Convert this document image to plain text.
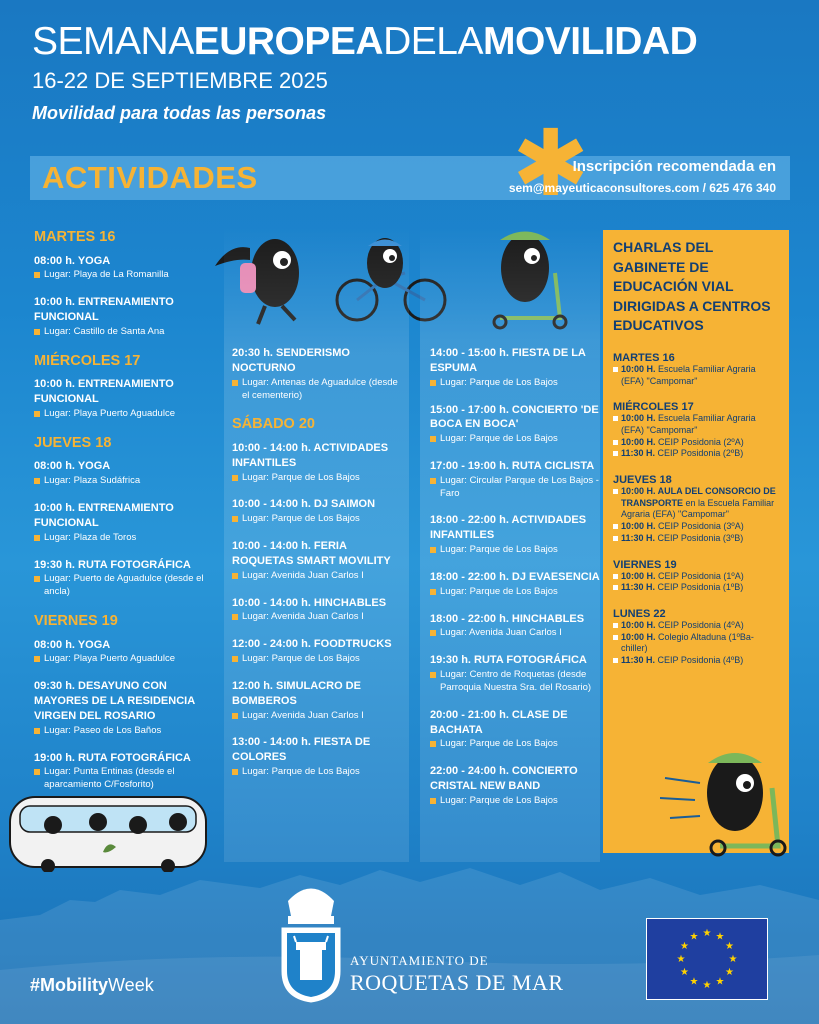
SEMANAEUROPEADELAMOVILIDAD
16-22 DE SEPTIEMBRE 2025
Movilidad para todas las personas
ACTIVIDADES	✱
Inscripción recomendada en
sem@mayeuticaconsultores.com / 625 476 340
MARTES 16
08:00 h. YOGA
Lugar: Playa de La Romanilla
10:00 h. ENTRENAMIENTO FUNCIONAL
Lugar: Castillo de Santa Ana
MIÉRCOLES 17
10:00 h. ENTRENAMIENTO FUNCIONAL
Lugar: Playa Puerto Aguadulce
JUEVES 18
08:00 h. YOGA
Lugar: Plaza Sudáfrica
10:00 h. ENTRENAMIENTO FUNCIONAL
Lugar: Plaza de Toros
19:30 h. RUTA FOTOGRÁFICA
Lugar: Puerto de Aguadulce (desde el ancla)
VIERNES 19
08:00 h. YOGA
Lugar: Playa Puerto Aguadulce
09:30 h. DESAYUNO CON MAYORES DE LA RESIDENCIA VIRGEN DEL ROSARIO
Lugar: Paseo de Los Baños
19:00 h. RUTA FOTOGRÁFICA
Lugar: Punta Entinas (desde el aparcamiento C/Fosforito)
20:30 h. SENDERISMO NOCTURNO
Lugar: Antenas de Aguadulce (desde el cementerio)
SÁBADO 20
10:00 - 14:00 h. ACTIVIDADES INFANTILES
Lugar: Parque de Los Bajos
10:00 - 14:00 h. DJ SAIMON
Lugar: Parque de Los Bajos
10:00 - 14:00 h. FERIA ROQUETAS SMART MOVILITY
Lugar: Avenida Juan Carlos I
10:00 - 14:00 h. HINCHABLES
Lugar: Avenida Juan Carlos I
12:00 - 24:00 h. FOODTRUCKS
Lugar: Parque de Los Bajos
12:00 h. SIMULACRO DE BOMBEROS
Lugar: Avenida Juan Carlos I
13:00 - 14:00 h. FIESTA DE COLORES
Lugar: Parque de Los Bajos
14:00 - 15:00 h. FIESTA DE LA ESPUMA
Lugar: Parque de Los Bajos
15:00 - 17:00 h. CONCIERTO 'DE BOCA EN BOCA'
Lugar: Parque de Los Bajos
17:00 - 19:00 h. RUTA CICLISTA
Lugar: Circular Parque de Los Bajos - Faro
18:00 - 22:00 h. ACTIVIDADES INFANTILES
Lugar: Parque de Los Bajos
18:00 - 22:00 h. DJ EVAESENCIA
Lugar: Parque de Los Bajos
18:00 - 22:00 h. HINCHABLES
Lugar: Avenida Juan Carlos I
19:30 h. RUTA FOTOGRÁFICA
Lugar: Centro de Roquetas (desde Parroquia Nuestra Sra. del Rosario)
20:00 - 21:00 h. CLASE DE BACHATA
Lugar: Parque de Los Bajos
22:00 - 24:00 h. CONCIERTO CRISTAL NEW BAND
Lugar: Parque de Los Bajos
CHARLAS DEL GABINETE DE EDUCACIÓN VIAL DIRIGIDAS A CENTROS EDUCATIVOS
MARTES 16
10:00 H. Escuela Familiar Agraria (EFA) "Campomar"
MIÉRCOLES 17
10:00 H. Escuela Familiar Agraria (EFA) "Campomar"
10:00 H. CEIP Posidonia (2ºA)
11:30 H. CEIP Posidonia (2ºB)
JUEVES 18
10:00 H. AULA DEL CONSORCIO DE TRANSPORTE en la Escuela Familiar Agraria (EFA) "Campomar"
10:00 H. CEIP Posidonia (3ºA)
11:30 H. CEIP Posidonia (3ºB)
VIERNES 19
10:00 H. CEIP Posidonia (1ºA)
11:30 H. CEIP Posidonia (1ºB)
LUNES 22
10:00 H. CEIP Posidonia (4ºA)
10:00 H. Colegio Altaduna (1ºBa-chiller)
11:30 H. CEIP Posidonia (4ºB)
#MobilityWeek
AYUNTAMIENTO DE
ROQUETAS DE MAR
★
★
★
★
★
★
★
★
★ ★ ★
★
